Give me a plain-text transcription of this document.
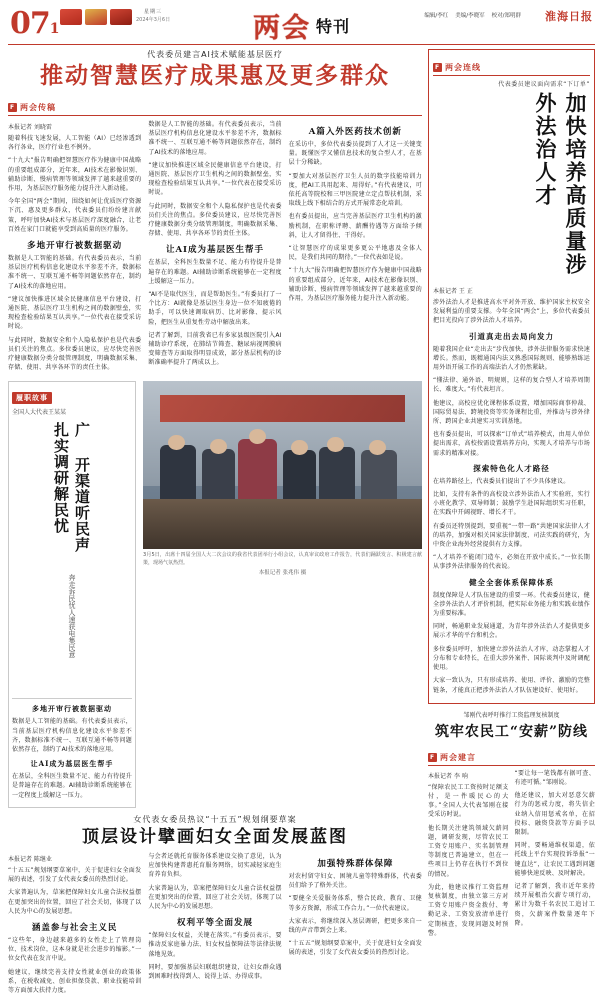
071
星期三
2024年3月6日	两会 特刊
编辑/李红 美编/李晓军 校对/郑明群 淮海日报
代表委员建言AI技术赋能基层医疗
推动智慧医疗成果惠及更多群众
F 两会传稿
本报记者 刘晓雷

随着科技飞速发展，人工智能（AI）已经渗透到各行各业，医疗行业也不例外。

“十九大”报告明确把智慧医疗作为健康中国战略的重要组成部分，近年来，AI技术在影像识别、辅助诊断、慢病管理等领域发挥了越来越重要的作用，为基层医疗服务能力提升注入新动能。

今年全国“两会”期间，围绕如何让优质医疗资源下沉、惠及更多群众，代表委员们纷纷建言献策，呼吁加快AI技术与基层医疗深度融合，让老百姓在家门口就能享受到高质量的医疗服务。

多地开审行被数据驱动

数据是人工智能的基础。有代表委员表示，当前基层医疗机构信息化建设水平参差不齐，数据标准不统一、互联互通不畅等问题依然存在，制约了AI技术的落地应用。

“建议加快推进区域全民健康信息平台建设，打通医院、基层医疗卫生机构之间的数据壁垒，实现检查检验结果互认共享。”一位代表在接受采访时说。

与此同时，数据安全和个人隐私保护也是代表委员们关注的焦点。多位委员建议，应尽快完善医疗健康数据分类分级管理制度，明确数据采集、存储、使用、共享各环节的责任主体。

数据是人工智能的基础。有代表委员表示，当前基层医疗机构信息化建设水平参差不齐，数据标准不统一、互联互通不畅等问题依然存在，制约了AI技术的落地应用。

“建议加快推进区域全民健康信息平台建设，打通医院、基层医疗卫生机构之间的数据壁垒，实现检查检验结果互认共享。”一位代表在接受采访时说。

与此同时，数据安全和个人隐私保护也是代表委员们关注的焦点。多位委员建议，应尽快完善医疗健康数据分类分级管理制度，明确数据采集、存储、使用、共享各环节的责任主体。

让AI成为基层医生帮手

在基层，全科医生数量不足、能力有待提升是普遍存在的难题。AI辅助诊断系统能够在一定程度上缓解这一压力。

“AI不是取代医生，而是帮助医生。”有委员打了一个比方：AI就像是基层医生身边一位不知疲倦的助手，可以快速调取病历、比对影像、提示风险，把医生从重复性劳动中解放出来。

记者了解到，目前我省已有多家县级医院引入AI辅助诊疗系统，在肺结节筛查、糖尿病视网膜病变筛查等方面取得明显成效，部分基层机构的诊断准确率提升了两成以上。

A篇入外医药技术创新

在采访中，多位代表委员提到了人才这一关键变量。既懂医学又懂信息技术的复合型人才，在基层十分稀缺。

“要加大对基层医疗卫生人员的数字技能培训力度，把AI工具用起来、用得好。”有代表建议，可依托高等院校和三甲医院建立定点帮扶机制，采取线上线下相结合的方式开展常态化培训。

也有委员提出，应当完善基层医疗卫生机构的激励机制，在职称评聘、薪酬待遇等方面给予倾斜，让人才留得住、干得好。

“让智慧医疗的成果更多更公平地惠及全体人民，是我们共同的期待。”一位代表如是说。

“十九大”报告明确把智慧医疗作为健康中国战略的重要组成部分，近年来，AI技术在影像识别、辅助诊断、慢病管理等领域发挥了越来越重要的作用，为基层医疗服务能力提升注入新动能。

履职故事
全国人大代表王某某
广 开渠道听民声 扎实调研解民忧
奔走诉民忧人速获电集民意
多地开审行被数据驱动

数据是人工智能的基础。有代表委员表示，当前基层医疗机构信息化建设水平参差不齐，数据标准不统一、互联互通不畅等问题依然存在，制约了AI技术的落地应用。

让AI成为基层医生帮手

在基层，全科医生数量不足、能力有待提升是普遍存在的难题。AI辅助诊断系统能够在一定程度上缓解这一压力。

3月5日，出席十四届全国人大二次会议的我省代表团举行小组会议，认真审议政府工作报告，代表们踊跃发言、积极建言献策，现场气氛热烈。
本报记者 张兆伟 摄
女代表女委员热议“十五五”规划纲要草案
顶层设计擘画妇女全面发展蓝图
本报记者 陈继业

“十五五”规划纲要草案中，关于促进妇女全面发展的表述，引发了女代表女委员的热烈讨论。

大家普遍认为，草案把保障妇女儿童合法权益摆在更加突出的位置，回应了社会关切，体现了以人民为中心的发展思想。

涵盖参与社会主义民

“这些年，身边越来越多的女性走上了管理岗位、技术岗位，这本身就是社会进步的缩影。”一位女代表在发言中说。

她建议，继续完善支持女性就业创业的政策体系，在税收减免、创业担保贷款、职业技能培训等方面加大扶持力度。

与会者还就托育服务体系建设交换了意见，认为应加快构建普惠托育服务网络，切实减轻家庭生育养育负担。

大家普遍认为，草案把保障妇女儿童合法权益摆在更加突出的位置，回应了社会关切，体现了以人民为中心的发展思想。

权利平等全面发展

“保障妇女权益，关键在落实。”有委员表示，要推动反家庭暴力法、妇女权益保障法等法律法规落地见效。

同时，要加强基层妇联组织建设，让妇女群众遇到困难时找得到人、说得上话、办得成事。

加强特殊群体保障

对农村留守妇女、困境儿童等特殊群体，代表委员们给予了格外关注。

“要健全关爱服务体系，整合民政、教育、卫健等多方资源，形成工作合力。”一位代表建议。

大家表示，将继续深入基层调研，把更多来自一线的声音带到会上来。

“十五五”规划纲要草案中，关于促进妇女全面发展的表述，引发了女代表女委员的热烈讨论。

F 两会连线
代表委员建议面向需求“下订单”
加快培养高质量涉外法治人才
本报记者 王 正

涉外法治人才是推进高水平对外开放、维护国家主权安全发展利益的重要支撑。今年全国“两会”上，多位代表委员把目光投向了涉外法治人才培养。

引道真走出去局向发力

随着我国企业“走出去”步伐加快，涉外法律服务需求快速增长。然而，既精通国内法又熟悉国际规则、能够熟练运用外语开展工作的高端法治人才仍然紧缺。

“懂法律、通外语、明规则，这样的复合型人才培养周期长、难度大。”有代表坦言。

他建议，高校应优化课程体系设置，增加国际商事仲裁、国际贸易法、跨境投资等实务课程比重，并推动与涉外律所、跨国企业共建实习实训基地。

也有委员提出，可以探索“订单式”培养模式，由用人单位提出需求，高校按需设置培养方向，实现人才培养与市场需求的精准对接。

探索特色化人才路径

在培养路径上，代表委员们提出了不少具体建议。

比如，支持有条件的高校设立涉外法治人才实验班，实行小班化教学、双导师制；鼓励学生赴国际组织实习任职，在实践中开阔视野、增长才干。

有委员还特别提到，要重视“一带一路”共建国家法律人才的培养，加强对相关国家法律制度、司法实践的研究，为中资企业海外经营提供有力支撑。

“人才培养不能闭门造车，必须在开放中成长。”一位长期从事涉外法律服务的代表说。

健全全套体系保障体系

制度保障是人才队伍建设的重要一环。代表委员建议，健全涉外法治人才评价机制，把实际业务能力和实践业绩作为重要标准。

同时，畅通职业发展通道，为青年涉外法治人才提供更多展示才华的平台和机会。

多位委员呼吁，加快建立涉外法治人才库，动态掌握人才分布和专业特长，在重大涉外案件、国际谈判中及时调配使用。

大家一致认为，只有形成培养、使用、评价、激励的完整链条，才能真正把涉外法治人才队伍建设好、使用好。

邹刚代表呼吁推行工资监理复核制度
筑牢农民工“安薪”防线
F 两会建言
本报记者 李 响

“保障农民工工资按时足额支付，是一件暖民心的大事。”全国人大代表邹刚在接受采访时说。

他长期关注建筑领域欠薪问题，调研发现，尽管农民工工资专用账户、实名制管理等制度已普遍建立，但在一些项目上仍存在执行不到位的情况。

为此，他建议推行工资监理复核制度，由独立第三方对工资专用账户资金拨付、考勤记录、工资发放清单进行定期核查，发现问题及时预警。

“要让每一笔钱都有据可查、有迹可循。”邹刚说。

他还建议，加大对恶意欠薪行为的惩戒力度，将失信企业纳入信用惩戒名单，在招投标、融资贷款等方面予以限制。

同时，要畅通维权渠道，依托线上平台实现投诉举报“一键直达”，让农民工遇到问题能够快速反映、及时解决。

记者了解到，我市近年来持续开展根治欠薪专项行动，累计为数千名农民工追讨工资，欠薪案件数量逐年下降。
